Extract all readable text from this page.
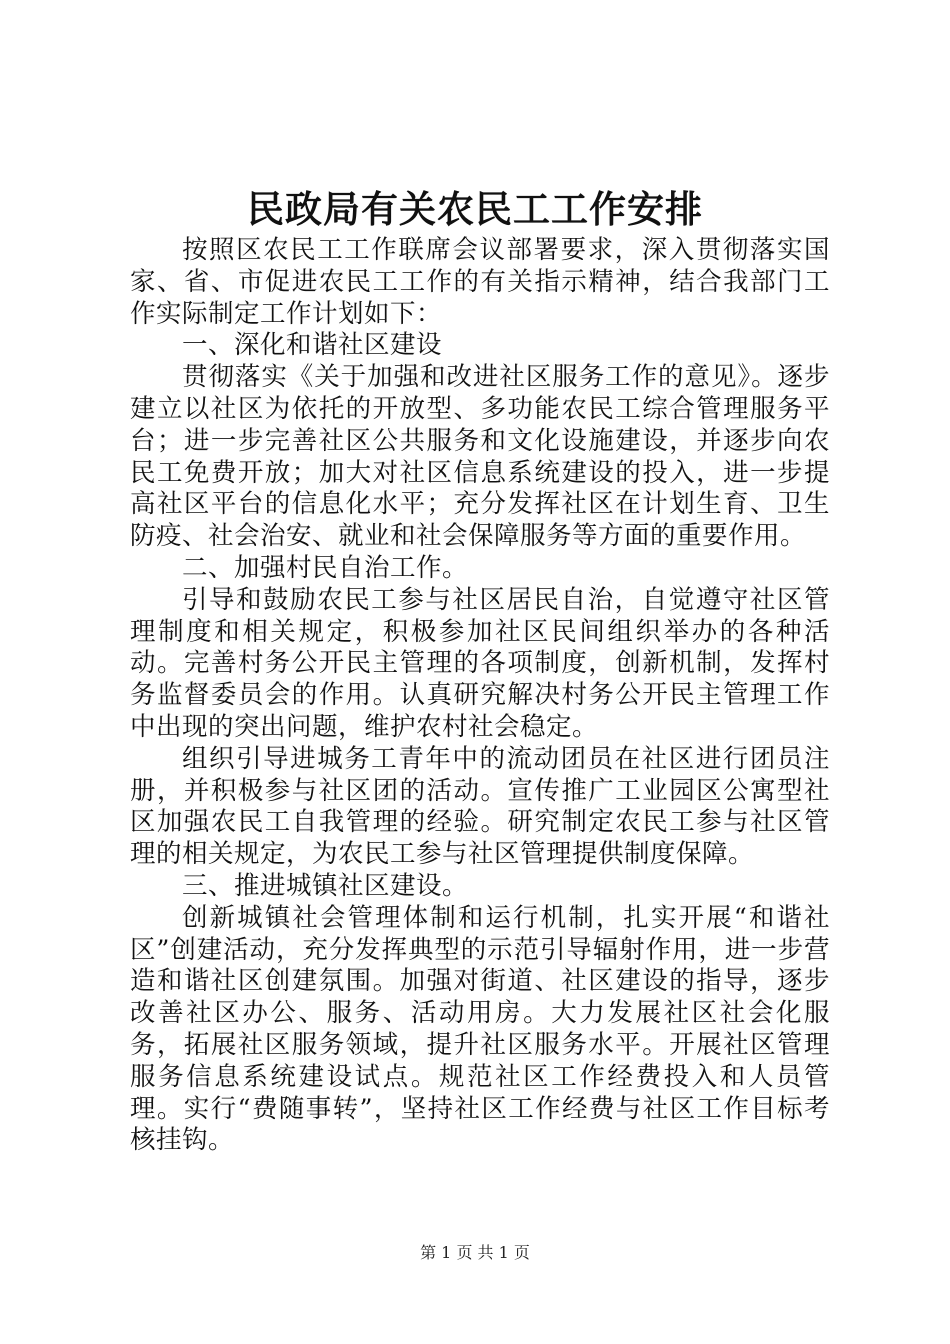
民政局有关农民工工作安排

按照区农民工工作联席会议部署要求，深入贯彻落实国家、省、市促进农民工工作的有关指示精神，结合我部门工作实际制定工作计划如下：

一、深化和谐社区建设

贯彻落实《关于加强和改进社区服务工作的意见》。逐步建立以社区为依托的开放型、多功能农民工综合管理服务平台；进一步完善社区公共服务和文化设施建设，并逐步向农民工免费开放；加大对社区信息系统建设的投入，进一步提高社区平台的信息化水平；充分发挥社区在计划生育、卫生防疫、社会治安、就业和社会保障服务等方面的重要作用。

二、加强村民自治工作。

引导和鼓励农民工参与社区居民自治，自觉遵守社区管理制度和相关规定，积极参加社区民间组织举办的各种活动。完善村务公开民主管理的各项制度，创新机制，发挥村务监督委员会的作用。认真研究解决村务公开民主管理工作中出现的突出问题，维护农村社会稳定。

组织引导进城务工青年中的流动团员在社区进行团员注册，并积极参与社区团的活动。宣传推广工业园区公寓型社区加强农民工自我管理的经验。研究制定农民工参与社区管理的相关规定，为农民工参与社区管理提供制度保障。

三、推进城镇社区建设。

创新城镇社会管理体制和运行机制，扎实开展“和谐社区”创建活动，充分发挥典型的示范引导辐射作用，进一步营造和谐社区创建氛围。加强对街道、社区建设的指导，逐步改善社区办公、服务、活动用房。大力发展社区社会化服务，拓展社区服务领域，提升社区服务水平。开展社区管理服务信息系统建设试点。规范社区工作经费投入和人员管理。实行“费随事转”，坚持社区工作经费与社区工作目标考核挂钩。

第 1 页 共 1 页
